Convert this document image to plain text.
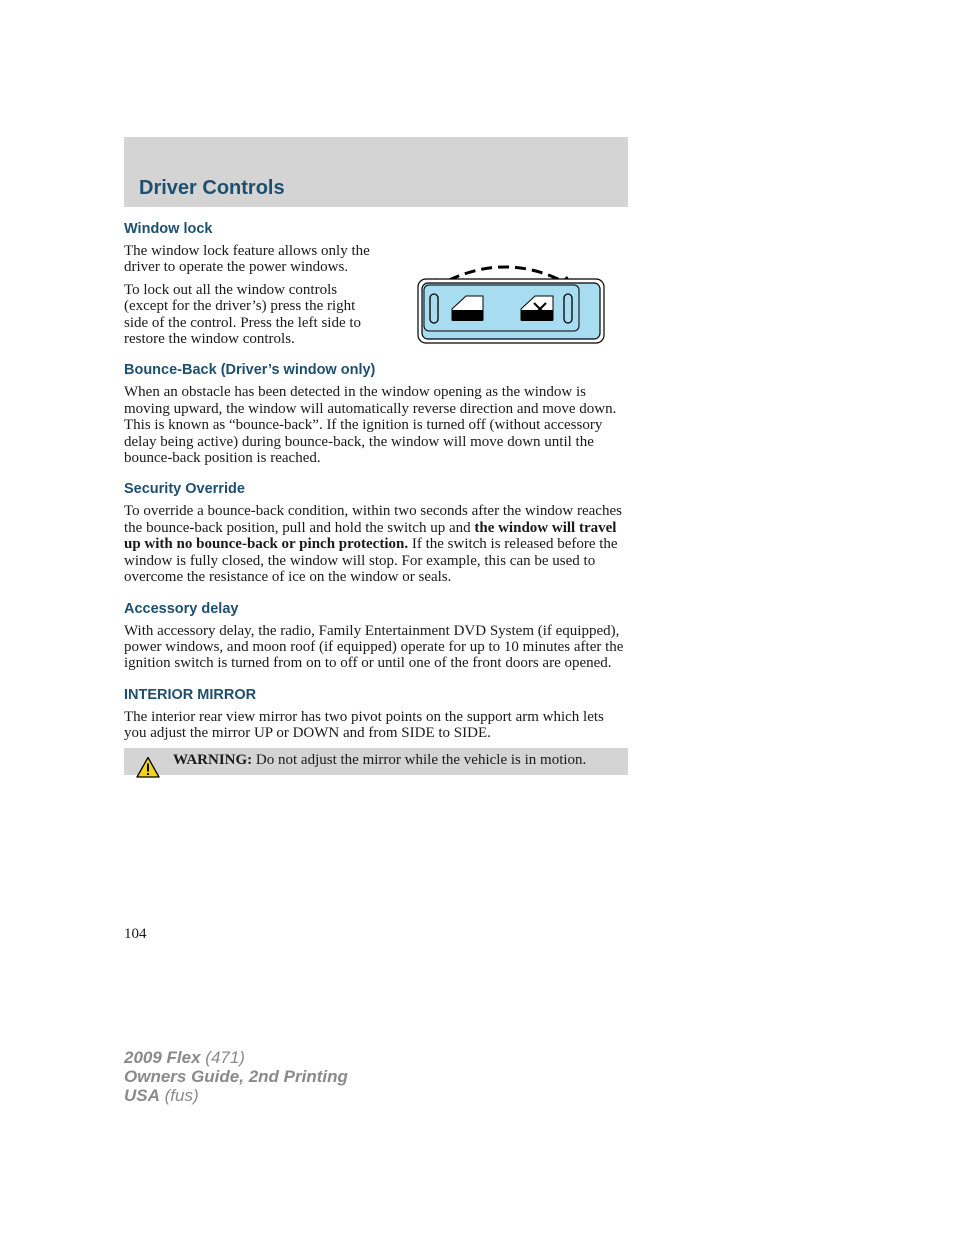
Driver Controls
Window lock

The window lock feature allows only the driver to operate the power windows.

To lock out all the window controls (except for the driver’s) press the right side of the control. Press the left side to restore the window controls.

Bounce-Back (Driver’s window only)

When an obstacle has been detected in the window opening as the window is moving upward, the window will automatically reverse direction and move down. This is known as “bounce-back”. If the ignition is turned off (without accessory delay being active) during bounce-back, the window will move down until the bounce-back position is reached.

Security Override

To override a bounce-back condition, within two seconds after the window reaches the bounce-back position, pull and hold the switch up and the window will travel up with no bounce-back or pinch protection. If the switch is released before the window is fully closed, the window will stop. For example, this can be used to overcome the resistance of ice on the window or seals.

Accessory delay

With accessory delay, the radio, Family Entertainment DVD System (if equipped), power windows, and moon roof (if equipped) operate for up to 10 minutes after the ignition switch is turned from on to off or until one of the front doors are opened.

INTERIOR MIRROR

The interior rear view mirror has two pivot points on the support arm which lets you adjust the mirror UP or DOWN and from SIDE to SIDE.

WARNING: Do not adjust the mirror while the vehicle is in motion.

104
2009 Flex (471)
Owners Guide, 2nd Printing
USA (fus)
